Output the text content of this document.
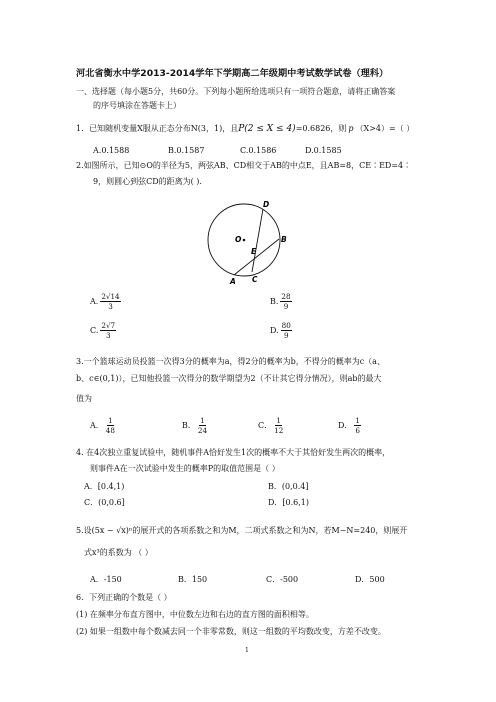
河北省衡水中学2013-2014学年下学期高二年级期中考试数学试卷（理科）
一、选择题（每小题5分，共60分。下列每小题所给选项只有一项符合题意，请将正确答案
的序号填涂在答题卡上）
1．已知随机变量X服从正态分布N(3，1)，且P(2 ≤ X ≤ 4)=0.6826，则 p （X>4）=（ ）
A.0.1588	B.0.1587	C.0.1586	D.0.1585
2.如图所示，已知⊙O的半径为5，两弦AB、CD相交于AB的中点E，且AB=8，CE∶ED=4∶
9，则圆心到弦CD的距离为( )．
D
O	B
E
A C
A. $\frac{2√14}{3}$	B. $\frac{28}{9}$
C. $\frac{2√7}{3}$	D. $\frac{80}{9}$
3.一个篮球运动员投篮一次得3分的概率为a，得2分的概率为b，不得分的概率为c（a、
b、c∈(0,1)），已知他投篮一次得分的数学期望为2（不计其它得分情况），则ab的最大
值为
A． $\frac{1}{48}$	B． $\frac{1}{24}$	C． $\frac{1}{12}$	D． $\frac{1}{6}$
4. 在4次独立重复试验中，随机事件A恰好发生1次的概率不大于其恰好发生两次的概率，
则事件A在一次试验中发生的概率P的取值范围是（ ）
A．[0.4,1)	B．(0,0.4]
C．(0,0.6]	D．[0.6,1)
5.设(5x − √x)ⁿ的展开式的各项系数之和为M，二项式系数之和为N，若M−N=240，则展开
式x³的系数为 （ ）
A．-150	B．150	C．-500	D．500
6．下列正确的个数是（ ）
(1) 在频率分布直方图中，中位数左边和右边的直方图的面积相等。
(2) 如果一组数中每个数减去同一个非零常数，则这一组数的平均数改变，方差不改变。
1
